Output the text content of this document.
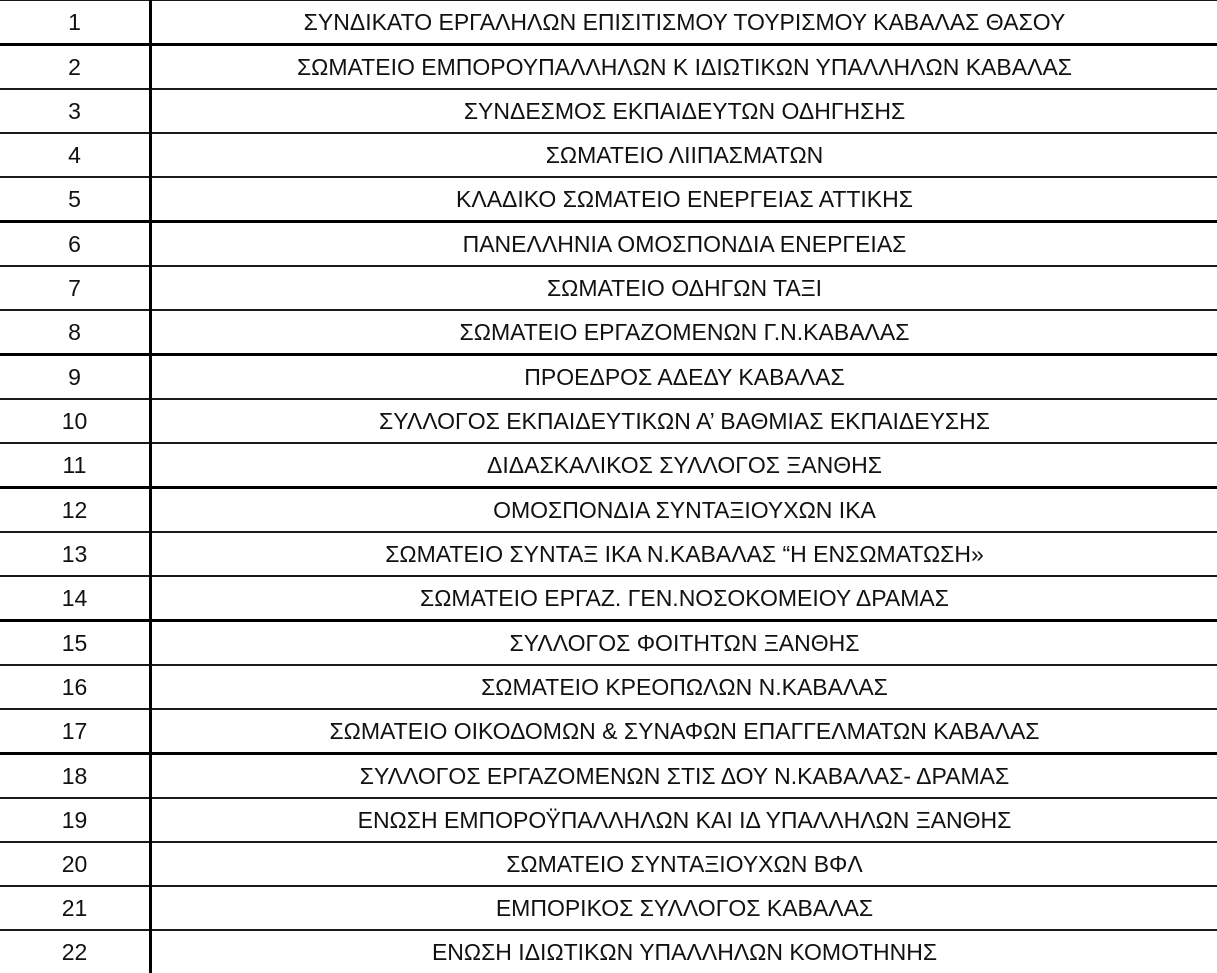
1	ΣΥΝΔΙΚΑΤΟ ΕΡΓΑΛΗΛΩΝ ΕΠΙΣΙΤΙΣΜΟΥ ΤΟΥΡΙΣΜΟΥ ΚΑΒΑΛΑΣ ΘΑΣΟΥ
2	ΣΩΜΑΤΕΙΟ ΕΜΠΟΡΟΥΠΑΛΛΗΛΩΝ Κ ΙΔΙΩΤΙΚΩΝ ΥΠΑΛΛΗΛΩΝ ΚΑΒΑΛΑΣ
3	ΣΥΝΔΕΣΜΟΣ ΕΚΠΑΙΔΕΥΤΩΝ ΟΔΗΓΗΣΗΣ
4	ΣΩΜΑΤΕΙΟ ΛΙΙΠΑΣΜΑΤΩΝ
5	ΚΛΑΔΙΚΟ ΣΩΜΑΤΕΙΟ ΕΝΕΡΓΕΙΑΣ ΑΤΤΙΚΗΣ
6	ΠΑΝΕΛΛΗΝΙΑ ΟΜΟΣΠΟΝΔΙΑ ΕΝΕΡΓΕΙΑΣ
7	ΣΩΜΑΤΕΙΟ ΟΔΗΓΩΝ ΤΑΞΙ
8	ΣΩΜΑΤΕΙΟ ΕΡΓΑΖΟΜΕΝΩΝ Γ.Ν.ΚΑΒΑΛΑΣ
9	ΠΡΟΕΔΡΟΣ ΑΔΕΔΥ ΚΑΒΑΛΑΣ
10	ΣΥΛΛΟΓΟΣ ΕΚΠΑΙΔΕΥΤΙΚΩΝ Α’ ΒΑΘΜΙΑΣ ΕΚΠΑΙΔΕΥΣΗΣ
11	ΔΙΔΑΣΚΑΛΙΚΟΣ ΣΥΛΛΟΓΟΣ ΞΑΝΘΗΣ
12	ΟΜΟΣΠΟΝΔΙΑ ΣΥΝΤΑΞΙΟΥΧΩΝ ΙΚΑ
13	ΣΩΜΑΤΕΙΟ ΣΥΝΤΑΞ ΙΚΑ Ν.ΚΑΒΑΛΑΣ “Η ΕΝΣΩΜΑΤΩΣΗ»
14	ΣΩΜΑΤΕΙΟ ΕΡΓΑΖ. ΓΕΝ.ΝΟΣΟΚΟΜΕΙΟΥ ΔΡΑΜΑΣ
15	ΣΥΛΛΟΓΟΣ ΦΟΙΤΗΤΩΝ ΞΑΝΘΗΣ
16	ΣΩΜΑΤΕΙΟ ΚΡΕΟΠΩΛΩΝ Ν.ΚΑΒΑΛΑΣ
17	ΣΩΜΑΤΕΙΟ ΟΙΚΟΔΟΜΩΝ & ΣΥΝΑΦΩΝ ΕΠΑΓΓΕΛΜΑΤΩΝ ΚΑΒΑΛΑΣ
18	ΣΥΛΛΟΓΟΣ ΕΡΓΑΖΟΜΕΝΩΝ ΣΤΙΣ ΔΟΥ Ν.ΚΑΒΑΛΑΣ- ΔΡΑΜΑΣ
19	ΕΝΩΣΗ ΕΜΠΟΡΟΫΠΑΛΛΗΛΩΝ ΚΑΙ ΙΔ ΥΠΑΛΛΗΛΩΝ ΞΑΝΘΗΣ
20	ΣΩΜΑΤΕΙΟ ΣΥΝΤΑΞΙΟΥΧΩΝ ΒΦΛ
21	ΕΜΠΟΡΙΚΟΣ ΣΥΛΛΟΓΟΣ ΚΑΒΑΛΑΣ
22	ΕΝΩΣΗ ΙΔΙΩΤΙΚΩΝ ΥΠΑΛΛΗΛΩΝ ΚΟΜΟΤΗΝΗΣ
